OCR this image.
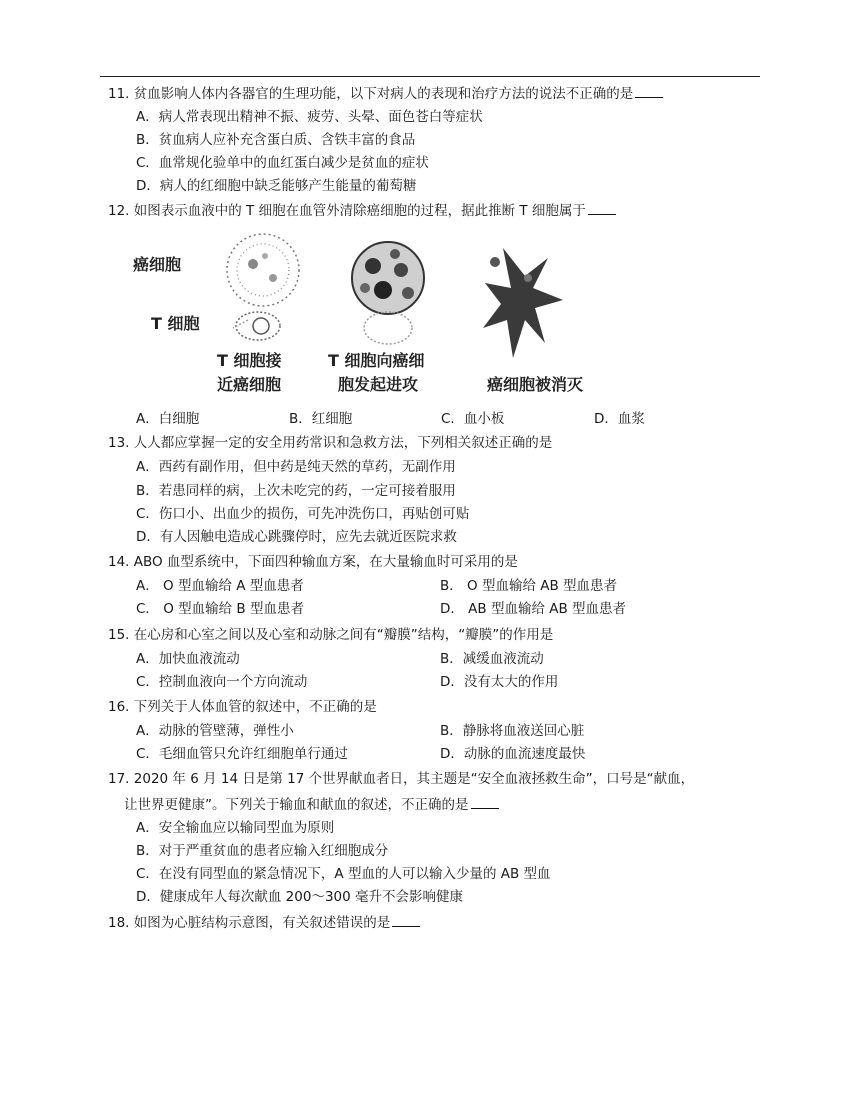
11. 贫血影响人体内各器官的生理功能，以下对病人的表现和治疗方法的说法不正确的是
A．病人常表现出精神不振、疲劳、头晕、面色苍白等症状
B．贫血病人应补充含蛋白质、含铁丰富的食品
C．血常规化验单中的血红蛋白减少是贫血的症状
D．病人的红细胞中缺乏能够产生能量的葡萄糖
12. 如图表示血液中的 T 细胞在血管外清除癌细胞的过程，据此推断 T 细胞属于
癌细胞
T 细胞
T 细胞接
近癌细胞
T 细胞向癌细
胞发起进攻	癌细胞被消灭
A．白细胞	B．红细胞	C．血小板	D．血浆
13. 人人都应掌握一定的安全用药常识和急救方法，下列相关叙述正确的是
A．西药有副作用，但中药是纯天然的草药，无副作用
B．若患同样的病，上次未吃完的药，一定可接着服用
C．伤口小、出血少的损伤，可先冲洗伤口，再贴创可贴
D．有人因触电造成心跳骤停时，应先去就近医院求救
14. ABO 血型系统中，下面四种输血方案，在大量输血时可采用的是
A． O 型血输给 A 型血患者	B． O 型血输给 AB 型血患者
C． O 型血输给 B 型血患者	D． AB 型血输给 AB 型血患者
15. 在心房和心室之间以及心室和动脉之间有“瓣膜”结构，“瓣膜”的作用是
A．加快血液流动	B．减缓血液流动
C．控制血液向一个方向流动	D．没有太大的作用
16. 下列关于人体血管的叙述中，不正确的是
A．动脉的管壁薄，弹性小	B．静脉将血液送回心脏
C．毛细血管只允许红细胞单行通过	D．动脉的血流速度最快
17. 2020 年 6 月 14 日是第 17 个世界献血者日，其主题是“安全血液拯救生命”，口号是“献血，
让世界更健康”。下列关于输血和献血的叙述，不正确的是
A．安全输血应以输同型血为原则
B．对于严重贫血的患者应输入红细胞成分
C．在没有同型血的紧急情况下，A 型血的人可以输入少量的 AB 型血
D．健康成年人每次献血 200～300 毫升不会影响健康
18. 如图为心脏结构示意图，有关叙述错误的是
